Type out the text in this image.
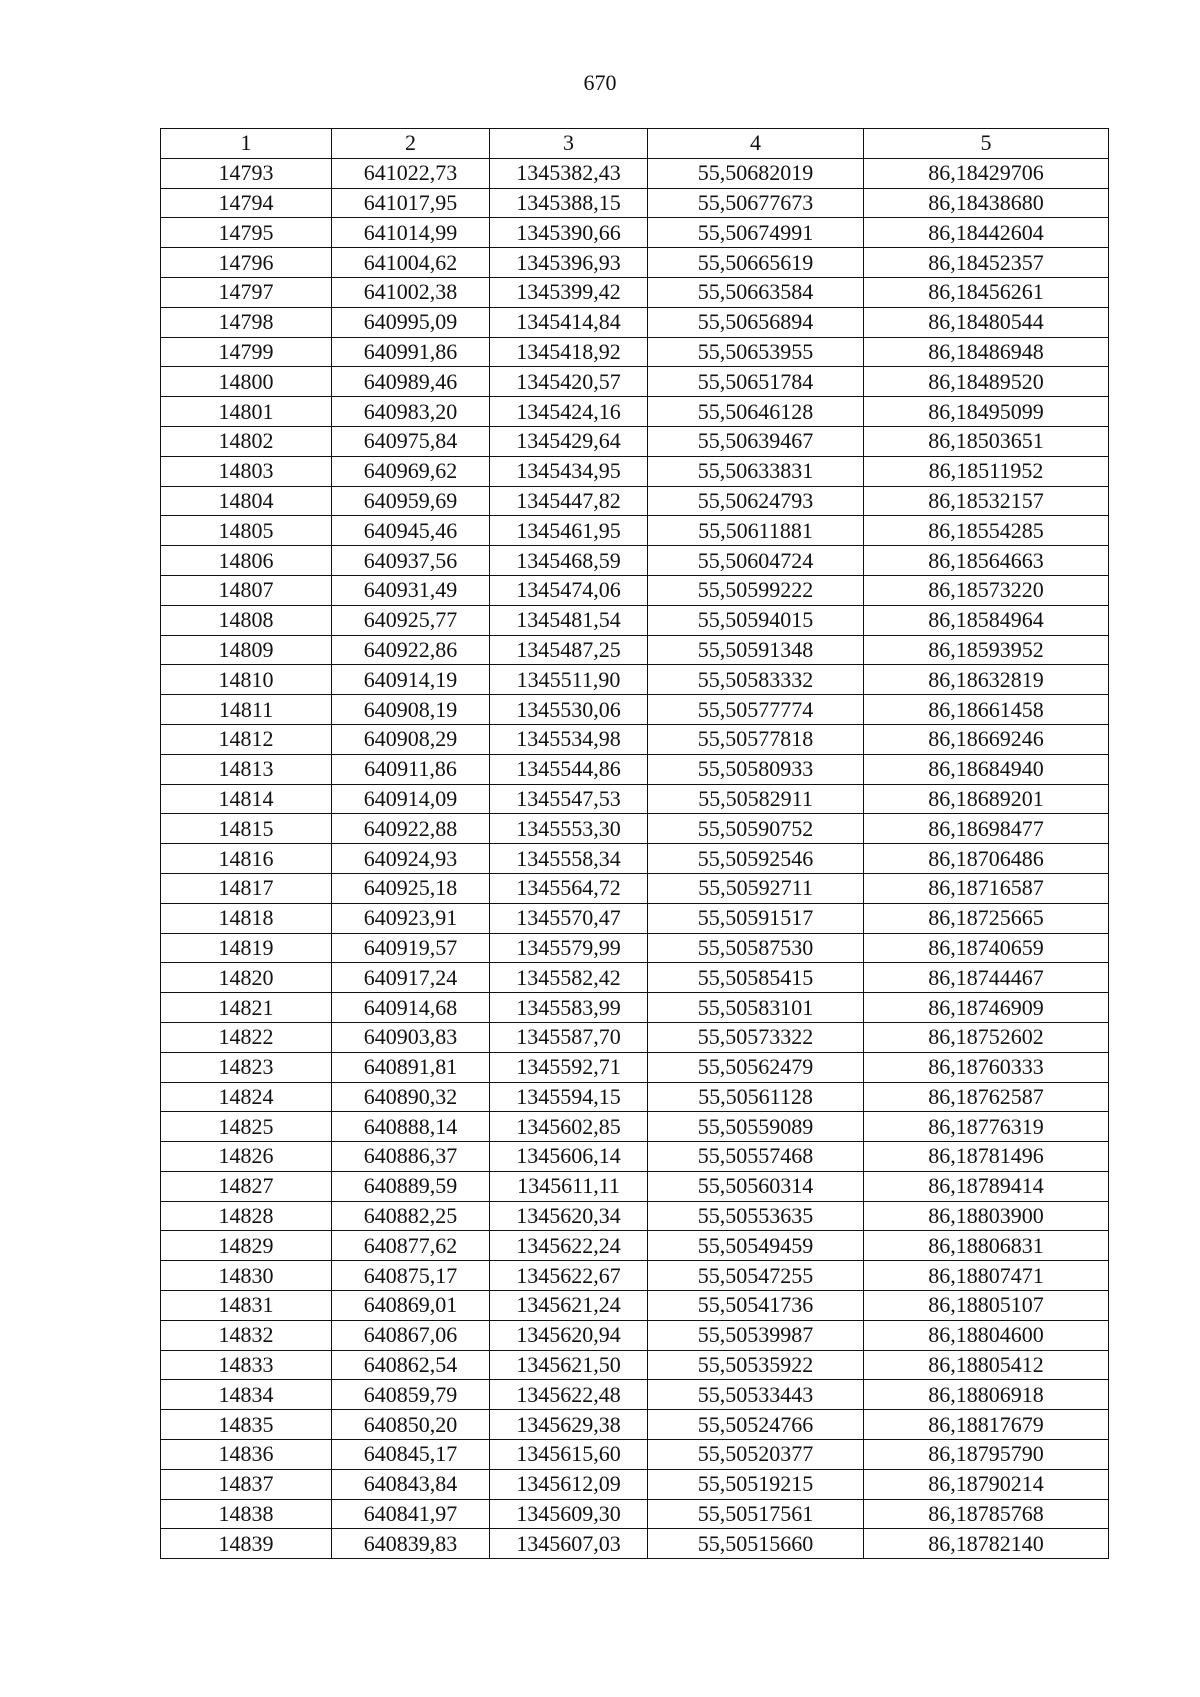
670
1	2	3	4	5
14793	641022,73	1345382,43	55,50682019	86,18429706
14794	641017,95	1345388,15	55,50677673	86,18438680
14795	641014,99	1345390,66	55,50674991	86,18442604
14796	641004,62	1345396,93	55,50665619	86,18452357
14797	641002,38	1345399,42	55,50663584	86,18456261
14798	640995,09	1345414,84	55,50656894	86,18480544
14799	640991,86	1345418,92	55,50653955	86,18486948
14800	640989,46	1345420,57	55,50651784	86,18489520
14801	640983,20	1345424,16	55,50646128	86,18495099
14802	640975,84	1345429,64	55,50639467	86,18503651
14803	640969,62	1345434,95	55,50633831	86,18511952
14804	640959,69	1345447,82	55,50624793	86,18532157
14805	640945,46	1345461,95	55,50611881	86,18554285
14806	640937,56	1345468,59	55,50604724	86,18564663
14807	640931,49	1345474,06	55,50599222	86,18573220
14808	640925,77	1345481,54	55,50594015	86,18584964
14809	640922,86	1345487,25	55,50591348	86,18593952
14810	640914,19	1345511,90	55,50583332	86,18632819
14811	640908,19	1345530,06	55,50577774	86,18661458
14812	640908,29	1345534,98	55,50577818	86,18669246
14813	640911,86	1345544,86	55,50580933	86,18684940
14814	640914,09	1345547,53	55,50582911	86,18689201
14815	640922,88	1345553,30	55,50590752	86,18698477
14816	640924,93	1345558,34	55,50592546	86,18706486
14817	640925,18	1345564,72	55,50592711	86,18716587
14818	640923,91	1345570,47	55,50591517	86,18725665
14819	640919,57	1345579,99	55,50587530	86,18740659
14820	640917,24	1345582,42	55,50585415	86,18744467
14821	640914,68	1345583,99	55,50583101	86,18746909
14822	640903,83	1345587,70	55,50573322	86,18752602
14823	640891,81	1345592,71	55,50562479	86,18760333
14824	640890,32	1345594,15	55,50561128	86,18762587
14825	640888,14	1345602,85	55,50559089	86,18776319
14826	640886,37	1345606,14	55,50557468	86,18781496
14827	640889,59	1345611,11	55,50560314	86,18789414
14828	640882,25	1345620,34	55,50553635	86,18803900
14829	640877,62	1345622,24	55,50549459	86,18806831
14830	640875,17	1345622,67	55,50547255	86,18807471
14831	640869,01	1345621,24	55,50541736	86,18805107
14832	640867,06	1345620,94	55,50539987	86,18804600
14833	640862,54	1345621,50	55,50535922	86,18805412
14834	640859,79	1345622,48	55,50533443	86,18806918
14835	640850,20	1345629,38	55,50524766	86,18817679
14836	640845,17	1345615,60	55,50520377	86,18795790
14837	640843,84	1345612,09	55,50519215	86,18790214
14838	640841,97	1345609,30	55,50517561	86,18785768
14839	640839,83	1345607,03	55,50515660	86,18782140
